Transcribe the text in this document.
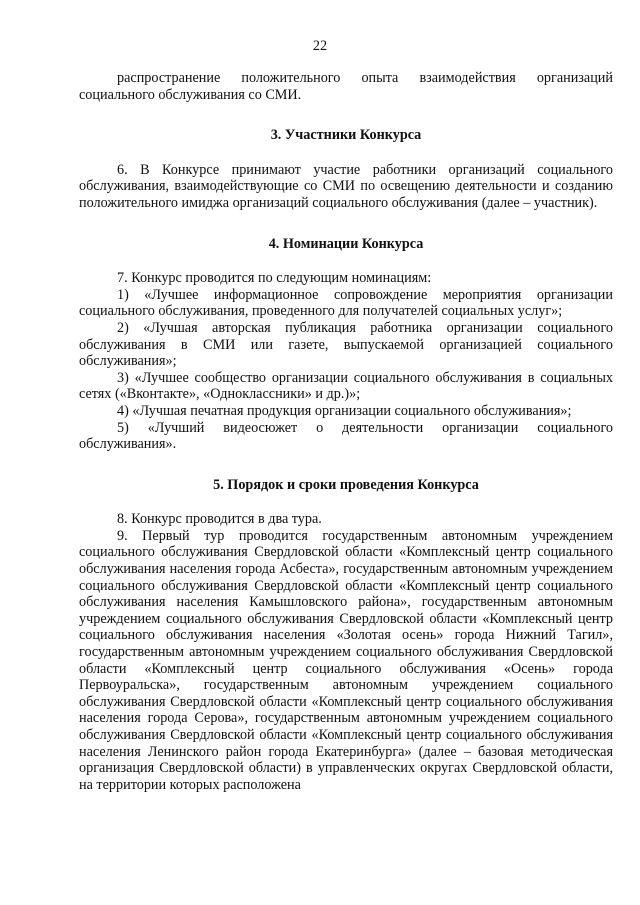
22

распространение положительного опыта взаимодействия организаций социального обслуживания со СМИ.

3. Участники Конкурса

6. В Конкурсе принимают участие работники организаций социального обслуживания, взаимодействующие со СМИ по освещению деятельности и созданию положительного имиджа организаций социального обслуживания (далее – участник).

4. Номинации Конкурса

7. Конкурс проводится по следующим номинациям:

1) «Лучшее информационное сопровождение мероприятия организации социального обслуживания, проведенного для получателей социальных услуг»;

2) «Лучшая авторская публикация работника организации социального обслуживания в СМИ или газете, выпускаемой организацией социального обслуживания»;

3) «Лучшее сообщество организации социального обслуживания в социальных сетях («Вконтакте», «Одноклассники» и др.)»;

4) «Лучшая печатная продукция организации социального обслуживания»;

5) «Лучший видеосюжет о деятельности организации социального обслуживания».

5. Порядок и сроки проведения Конкурса

8. Конкурс проводится в два тура.

9. Первый тур проводится государственным автономным учреждением социального обслуживания Свердловской области «Комплексный центр социального обслуживания населения города Асбеста», государственным автономным учреждением социального обслуживания Свердловской области «Комплексный центр социального обслуживания населения Камышловского района», государственным автономным учреждением социального обслуживания Свердловской области «Комплексный центр социального обслуживания населения «Золотая осень» города Нижний Тагил», государственным автономным учреждением социального обслуживания Свердловской области «Комплексный центр социального обслуживания «Осень» города Первоуральска», государственным автономным учреждением социального обслуживания Свердловской области «Комплексный центр социального обслуживания населения города Серова», государственным автономным учреждением социального обслуживания Свердловской области «Комплексный центр социального обслуживания населения Ленинского район города Екатеринбурга» (далее – базовая методическая организация Свердловской области) в управленческих округах Свердловской области, на территории которых расположена
